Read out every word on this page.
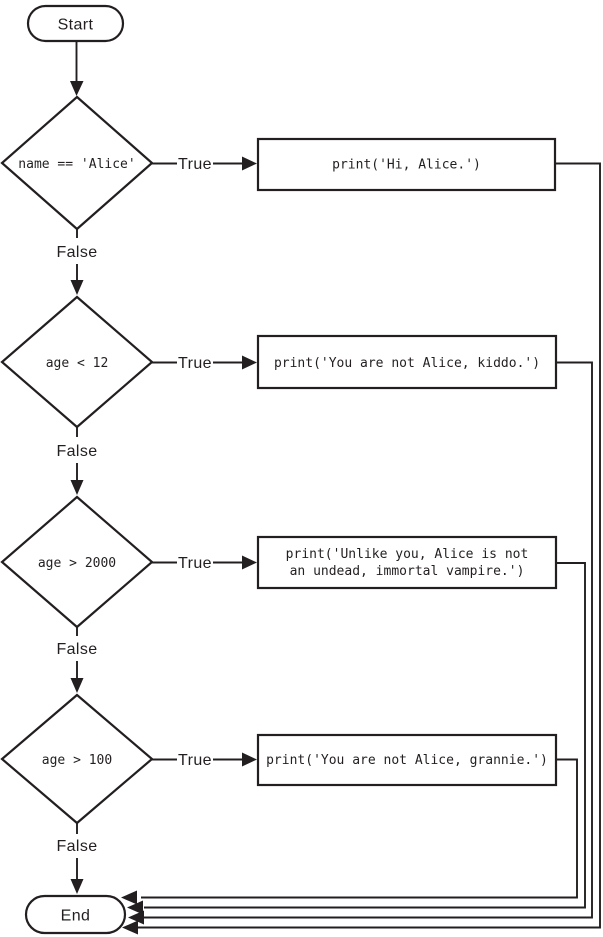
Start
name == 'Alice'	True
False
print('Hi, Alice.')
age < 12	True
False
print('You are not Alice, kiddo.')
age > 2000	True
False
print('Unlike you, Alice is not
an undead, immortal vampire.')
age > 100	True
False
print('You are not Alice, grannie.')
End
